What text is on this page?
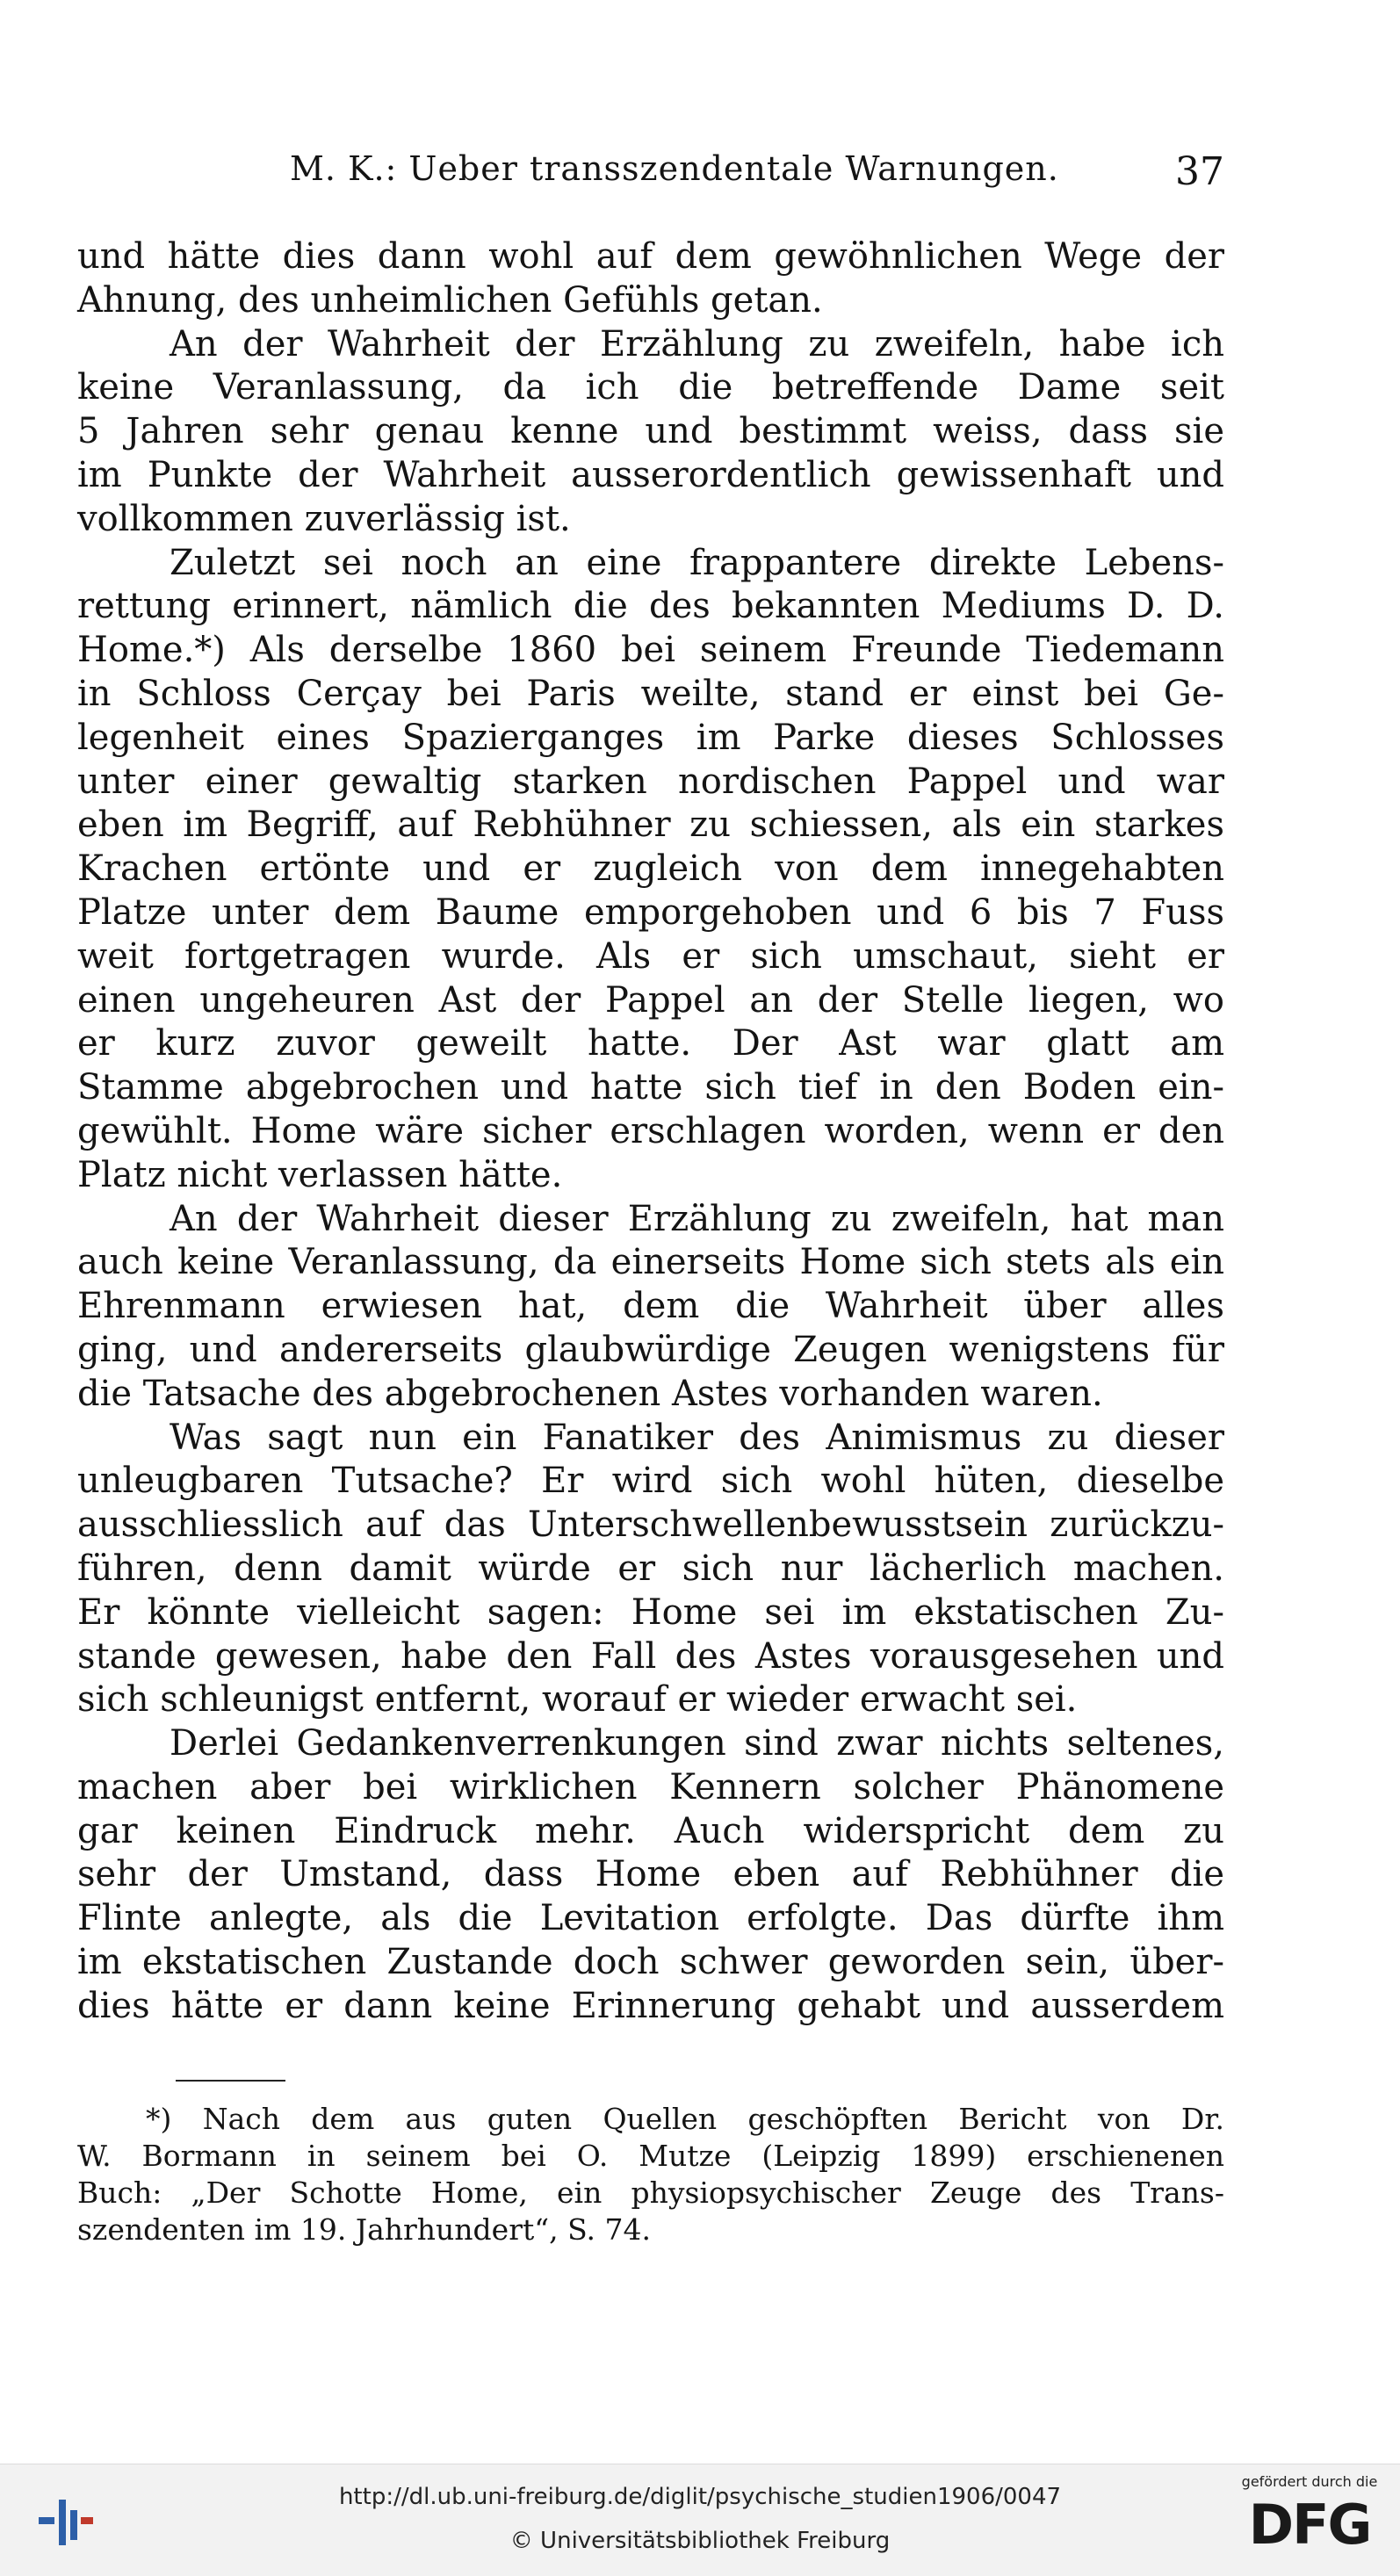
M. K.: Ueber transszendentale Warnungen.	37
und hätte dies dann wohl auf dem gewöhnlichen Wege der
Ahnung, des unheimlichen Gefühls getan.
An der Wahrheit der Erzählung zu zweifeln, habe ich
keine Veranlassung, da ich die betreffende Dame seit
5 Jahren sehr genau kenne und bestimmt weiss, dass sie
im Punkte der Wahrheit ausserordentlich gewissenhaft und
vollkommen zuverlässig ist.
Zuletzt sei noch an eine frappantere direkte Lebens-
rettung erinnert, nämlich die des bekannten Mediums D. D.
Home.*) Als derselbe 1860 bei seinem Freunde Tiedemann
in Schloss Cerçay bei Paris weilte, stand er einst bei Ge-
legenheit eines Spazierganges im Parke dieses Schlosses
unter einer gewaltig starken nordischen Pappel und war
eben im Begriff, auf Rebhühner zu schiessen, als ein starkes
Krachen ertönte und er zugleich von dem innegehabten
Platze unter dem Baume emporgehoben und 6 bis 7 Fuss
weit fortgetragen wurde. Als er sich umschaut, sieht er
einen ungeheuren Ast der Pappel an der Stelle liegen, wo
er kurz zuvor geweilt hatte. Der Ast war glatt am
Stamme abgebrochen und hatte sich tief in den Boden ein-
gewühlt. Home wäre sicher erschlagen worden, wenn er den
Platz nicht verlassen hätte.
An der Wahrheit dieser Erzählung zu zweifeln, hat man
auch keine Veranlassung, da einerseits Home sich stets als ein
Ehrenmann erwiesen hat, dem die Wahrheit über alles
ging, und andererseits glaubwürdige Zeugen wenigstens für
die Tatsache des abgebrochenen Astes vorhanden waren.
Was sagt nun ein Fanatiker des Animismus zu dieser
unleugbaren Tutsache? Er wird sich wohl hüten, dieselbe
ausschliesslich auf das Unterschwellenbewusstsein zurückzu-
führen, denn damit würde er sich nur lächerlich machen.
Er könnte vielleicht sagen: Home sei im ekstatischen Zu-
stande gewesen, habe den Fall des Astes vorausgesehen und
sich schleunigst entfernt, worauf er wieder erwacht sei.
Derlei Gedankenverrenkungen sind zwar nichts seltenes,
machen aber bei wirklichen Kennern solcher Phänomene
gar keinen Eindruck mehr. Auch widerspricht dem zu
sehr der Umstand, dass Home eben auf Rebhühner die
Flinte anlegte, als die Levitation erfolgte. Das dürfte ihm
im ekstatischen Zustande doch schwer geworden sein, über-
dies hätte er dann keine Erinnerung gehabt und ausserdem
*) Nach dem aus guten Quellen geschöpften Bericht von Dr.
W. Bormann in seinem bei O. Mutze (Leipzig 1899) erschienenen
Buch: „Der Schotte Home, ein physiopsychischer Zeuge des Trans-
szendenten im 19. Jahrhundert“, S. 74.
http://dl.ub.uni-freiburg.de/diglit/psychische_studien1906/0047
© Universitätsbibliothek Freiburg
gefördert durch die
DFG
